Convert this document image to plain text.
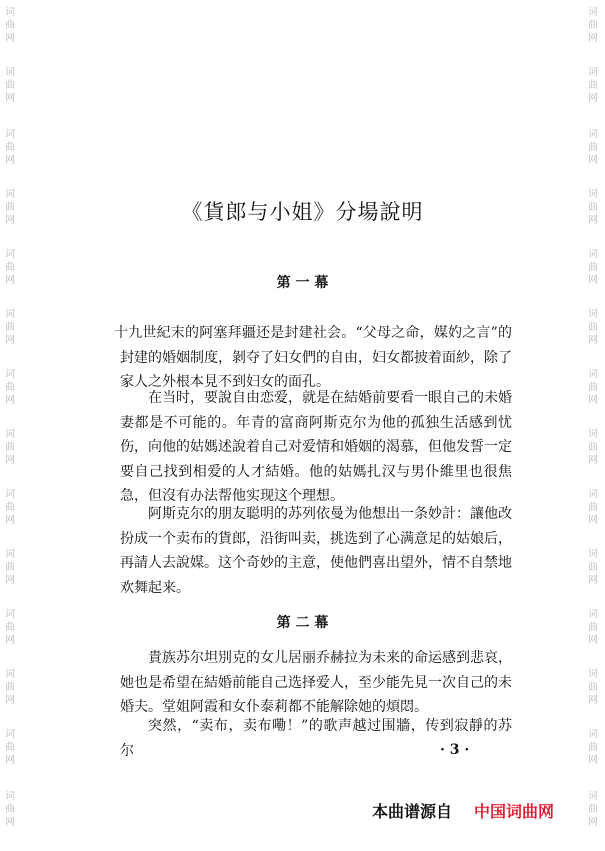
词
曲
网
词
曲
网
词
曲
网
词
曲
网
词
曲
网
词
曲
网
词
曲
网
词
曲
网
词
曲
网
词
曲
网
词
曲
网
词
曲
网
词
曲
网
词
曲
网
词
曲
网
词
曲
网
词
曲
网
词
曲
网
词
曲
网
词
曲
网
词
曲
网
词
曲
网
词
曲
网
词
曲
网
词
曲
网
词
曲
网
词
曲
网
词
曲
网
《貨郎与小姐》分場說明
第 一 幕

十九世紀末的阿塞拜疆还是封建社会。“父母之命，媒妁之言”的封建的婚姻制度，剝夺了妇女們的自由，妇女都披着面紗，除了家人之外根本見不到妇女的面孔。

在当时，要說自由恋爱，就是在結婚前要看一眼自己的未婚妻都是不可能的。年青的富商阿斯克尔为他的孤独生活感到忧伤，向他的姑媽述說着自己对爱情和婚姻的渴慕，但他发誓一定要自己找到相爱的人才結婚。他的姑媽扎汉与男仆維里也很焦急，但沒有办法帮他实现这个理想。

阿斯克尔的朋友聪明的苏列依曼为他想出一条妙計：讓他改扮成一个卖布的貨郎，沿街叫卖，挑选到了心满意足的姑娘后，再請人去說媒。这个奇妙的主意，使他們喜出望外，情不自禁地欢舞起来。

第 二 幕

貴族苏尔坦別克的女儿居丽乔赫拉为未来的命运感到悲哀，她也是希望在結婚前能自己选择爱人，至少能先見一次自己的未婚夫。堂姐阿霞和女仆泰莉都不能解除她的煩悶。

突然，“卖布，卖布嘞！”的歌声越过围牆，传到寂靜的苏尔	· 3 ·
本曲谱源自 中国词曲网
